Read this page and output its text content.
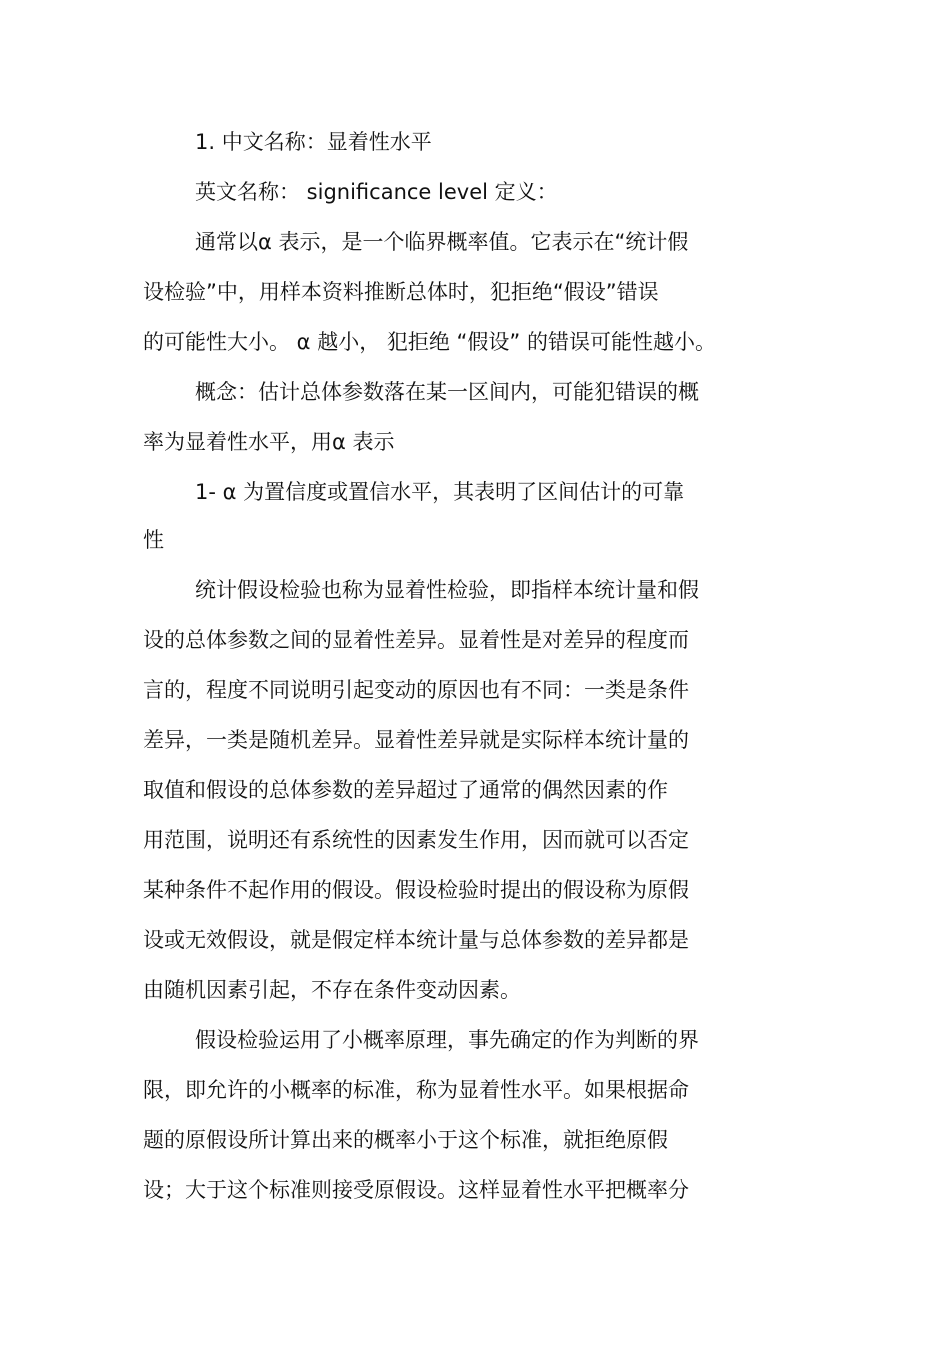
1. 中文名称：显着性水平

英文名称： significance level 定义：

通常以α 表示，是一个临界概率值。它表示在“统计假

设检验”中，用样本资料推断总体时，犯拒绝“假设”错误

的可能性大小。 α 越小， 犯拒绝 “假设” 的错误可能性越小。

概念：估计总体参数落在某一区间内，可能犯错误的概

率为显着性水平，用α 表示

1- α 为置信度或置信水平，其表明了区间估计的可靠

性

统计假设检验也称为显着性检验，即指样本统计量和假

设的总体参数之间的显着性差异。显着性是对差异的程度而

言的，程度不同说明引起变动的原因也有不同：一类是条件

差异，一类是随机差异。显着性差异就是实际样本统计量的

取值和假设的总体参数的差异超过了通常的偶然因素的作

用范围，说明还有系统性的因素发生作用，因而就可以否定

某种条件不起作用的假设。假设检验时提出的假设称为原假

设或无效假设，就是假定样本统计量与总体参数的差异都是

由随机因素引起，不存在条件变动因素。

假设检验运用了小概率原理，事先确定的作为判断的界

限，即允许的小概率的标准，称为显着性水平。如果根据命

题的原假设所计算出来的概率小于这个标准，就拒绝原假

设；大于这个标准则接受原假设。这样显着性水平把概率分
